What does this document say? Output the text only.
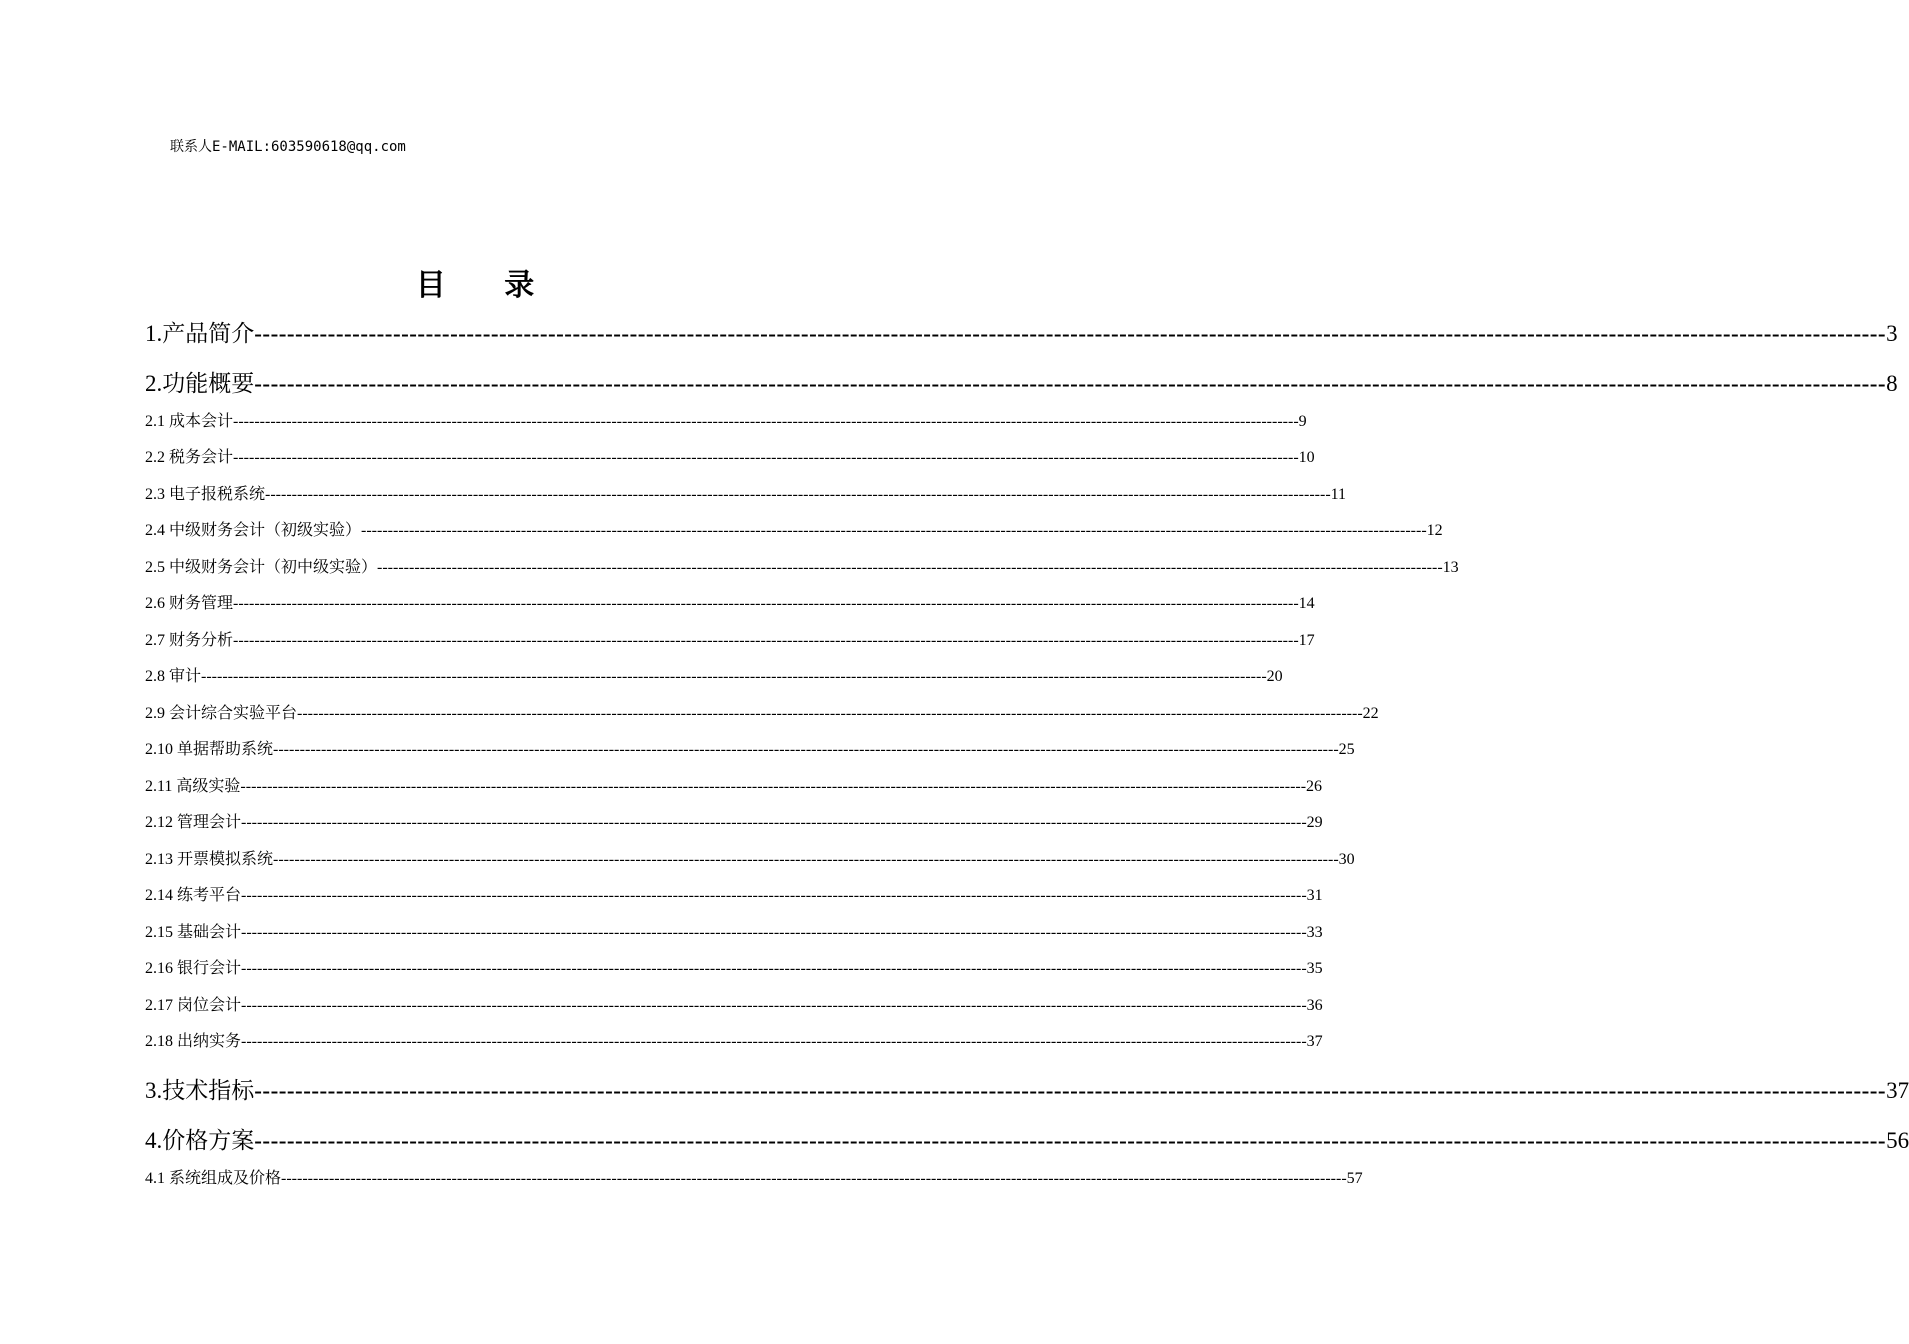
联系人E-MAIL:603590618@qq.com
目 录
1.产品简介 -------------------------------------------------------------------------------------------------------------------------------------------------------------------------------------------------------- 3
2.功能概要 -------------------------------------------------------------------------------------------------------------------------------------------------------------------------------------------------------- 8
2.1 成本会计 -------------------------------------------------------------------------------------------------------------------------------------------------------------------------------------------------------- 9
2.2 税务会计 -------------------------------------------------------------------------------------------------------------------------------------------------------------------------------------------------------- 10
2.3 电子报税系统 -------------------------------------------------------------------------------------------------------------------------------------------------------------------------------------------------------- 11
2.4 中级财务会计（初级实验） -------------------------------------------------------------------------------------------------------------------------------------------------------------------------------------------------------- 12
2.5 中级财务会计（初中级实验） -------------------------------------------------------------------------------------------------------------------------------------------------------------------------------------------------------- 13
2.6 财务管理 -------------------------------------------------------------------------------------------------------------------------------------------------------------------------------------------------------- 14
2.7 财务分析 -------------------------------------------------------------------------------------------------------------------------------------------------------------------------------------------------------- 17
2.8 审计 -------------------------------------------------------------------------------------------------------------------------------------------------------------------------------------------------------- 20
2.9 会计综合实验平台 -------------------------------------------------------------------------------------------------------------------------------------------------------------------------------------------------------- 22
2.10 单据帮助系统 -------------------------------------------------------------------------------------------------------------------------------------------------------------------------------------------------------- 25
2.11 高级实验 -------------------------------------------------------------------------------------------------------------------------------------------------------------------------------------------------------- 26
2.12 管理会计 -------------------------------------------------------------------------------------------------------------------------------------------------------------------------------------------------------- 29
2.13 开票模拟系统 -------------------------------------------------------------------------------------------------------------------------------------------------------------------------------------------------------- 30
2.14 练考平台 -------------------------------------------------------------------------------------------------------------------------------------------------------------------------------------------------------- 31
2.15 基础会计 -------------------------------------------------------------------------------------------------------------------------------------------------------------------------------------------------------- 33
2.16 银行会计 -------------------------------------------------------------------------------------------------------------------------------------------------------------------------------------------------------- 35
2.17 岗位会计 -------------------------------------------------------------------------------------------------------------------------------------------------------------------------------------------------------- 36
2.18 出纳实务 -------------------------------------------------------------------------------------------------------------------------------------------------------------------------------------------------------- 37
3.技术指标 -------------------------------------------------------------------------------------------------------------------------------------------------------------------------------------------------------- 37
4.价格方案 -------------------------------------------------------------------------------------------------------------------------------------------------------------------------------------------------------- 56
4.1 系统组成及价格 -------------------------------------------------------------------------------------------------------------------------------------------------------------------------------------------------------- 57
